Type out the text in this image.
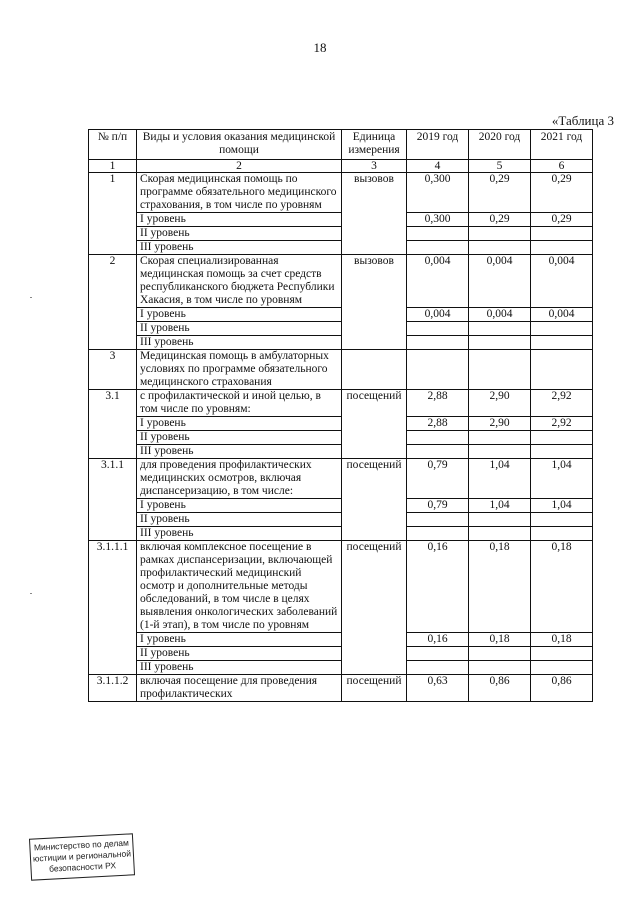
18
«Таблица 3
№ п/п	Виды и условия оказания медицинской помощи	Единица измерения	2019 год	2020 год	2021 год
1	2	3	4	5	6
1	Скорая медицинская помощь по программе обязательного медицинского страхования, в том числе по уровням	вызовов	0,300	0,29	0,29
	I уровень		0,300	0,29	0,29
	II уровень				
	III уровень				
2	Скорая специализированная медицинская помощь за счет средств республиканского бюджета Республики Хакасия, в том числе по уровням	вызовов	0,004	0,004	0,004
	I уровень		0,004	0,004	0,004
	II уровень				
	III уровень				
3	Медицинская помощь в амбулаторных условиях по программе обязательного медицинского страхования				
3.1	с профилактической и иной целью, в том числе по уровням:	посещений	2,88	2,90	2,92
	I уровень		2,88	2,90	2,92
	II уровень				
	III уровень				
3.1.1	для проведения профилактических медицинских осмотров, включая диспансеризацию, в том числе:	посещений	0,79	1,04	1,04
	I уровень		0,79	1,04	1,04
	II уровень				
	III уровень				
3.1.1.1	включая комплексное посещение в рамках диспансеризации, включающей профилактический медицинский осмотр и дополнительные методы обследований, в том числе в целях выявления онкологических заболеваний (1-й этап), в том числе по уровням	посещений	0,16	0,18	0,18
	I уровень		0,16	0,18	0,18
	II уровень				
	III уровень				
3.1.1.2	включая посещение для проведения профилактических	посещений	0,63	0,86	0,86
Министерство по делам
юстиции и региональной
безопасности РХ
